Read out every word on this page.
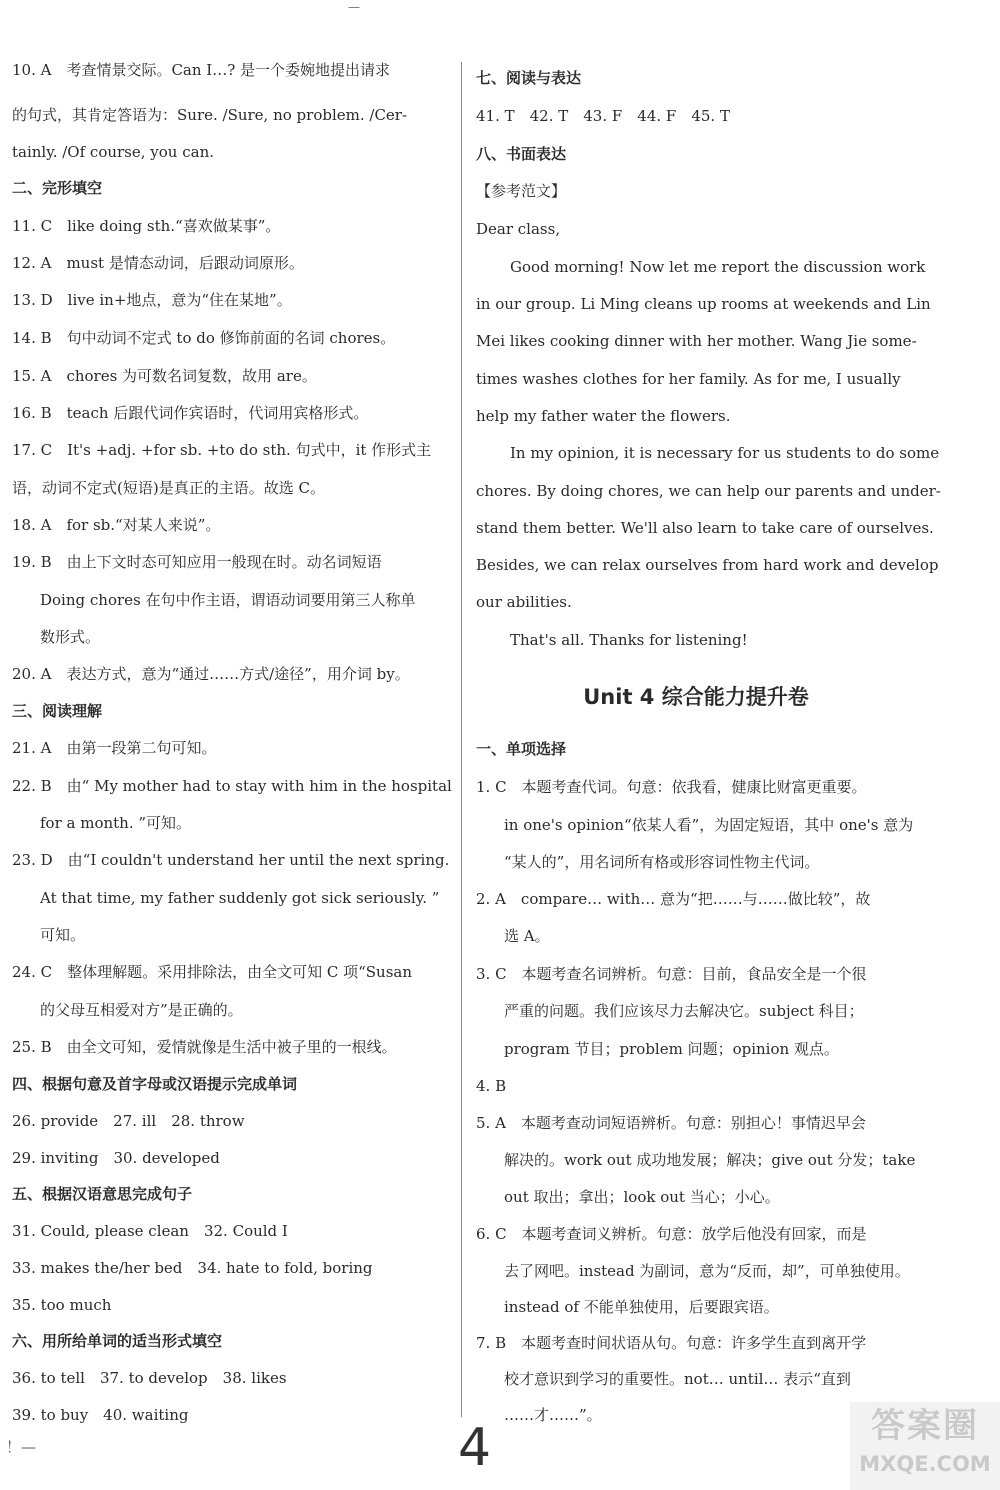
—
10. A　考查情景交际。Can I…? 是一个委婉地提出请求
的句式，其肯定答语为：Sure. /Sure, no problem. /Cer-
tainly. /Of course, you can.
二、完形填空
11. C　like doing sth.“喜欢做某事”。
12. A　must 是情态动词，后跟动词原形。
13. D　live in+地点，意为“住在某地”。
14. B　句中动词不定式 to do 修饰前面的名词 chores。
15. A　chores 为可数名词复数，故用 are。
16. B　teach 后跟代词作宾语时，代词用宾格形式。
17. C　It's +adj. +for sb. +to do sth. 句式中，it 作形式主
语，动词不定式(短语)是真正的主语。故选 C。
18. A　for sb.“对某人来说”。
19. B　由上下文时态可知应用一般现在时。动名词短语
Doing chores 在句中作主语，谓语动词要用第三人称单
数形式。
20. A　表达方式，意为“通过……方式/途径”，用介词 by。
三、阅读理解
21. A　由第一段第二句可知。
22. B　由“ My mother had to stay with him in the hospital
for a month. ”可知。
23. D　由“I couldn't understand her until the next spring.
At that time, my father suddenly got sick seriously. ”
可知。
24. C　整体理解题。采用排除法，由全文可知 C 项“Susan
的父母互相爱对方”是正确的。
25. B　由全文可知，爱情就像是生活中被子里的一根线。
四、根据句意及首字母或汉语提示完成单词
26. provide　27. ill　28. throw
29. inviting　30. developed
五、根据汉语意思完成句子
31. Could, please clean　32. Could I
33. makes the/her bed　34. hate to fold, boring
35. too much
六、用所给单词的适当形式填空
36. to tell　37. to develop　38. likes
39. to buy　40. waiting
Unit 4 综合能力提升卷
七、阅读与表达
41. T　42. T　43. F　44. F　45. T
八、书面表达
【参考范文】
Dear class,
Good morning! Now let me report the discussion work
in our group. Li Ming cleans up rooms at weekends and Lin
Mei likes cooking dinner with her mother. Wang Jie some-
times washes clothes for her family. As for me, I usually
help my father water the flowers.
In my opinion, it is necessary for us students to do some
chores. By doing chores, we can help our parents and under-
stand them better. We'll also learn to take care of ourselves.
Besides, we can relax ourselves from hard work and develop
our abilities.
That's all. Thanks for listening!
一、单项选择
1. C　本题考查代词。句意：依我看，健康比财富更重要。
in one's opinion“依某人看”，为固定短语，其中 one's 意为
“某人的”，用名词所有格或形容词性物主代词。
2. A　compare… with… 意为“把……与……做比较”，故
选 A。
3. C　本题考查名词辨析。句意：目前，食品安全是一个很
严重的问题。我们应该尽力去解决它。subject 科目；
program 节目；problem 问题；opinion 观点。
4. B
5. A　本题考查动词短语辨析。句意：别担心！事情迟早会
解决的。work out 成功地发展；解决；give out 分发；take
out 取出；拿出；look out 当心；小心。
6. C　本题考查词义辨析。句意：放学后他没有回家，而是
去了网吧。instead 为副词，意为“反而，却”，可单独使用。
instead of 不能单独使用，后要跟宾语。
7. B　本题考查时间状语从句。句意：许多学生直到离开学
校才意识到学习的重要性。not… until… 表示“直到
……才……”。
4
！—
答案圈
MXQE.COM
